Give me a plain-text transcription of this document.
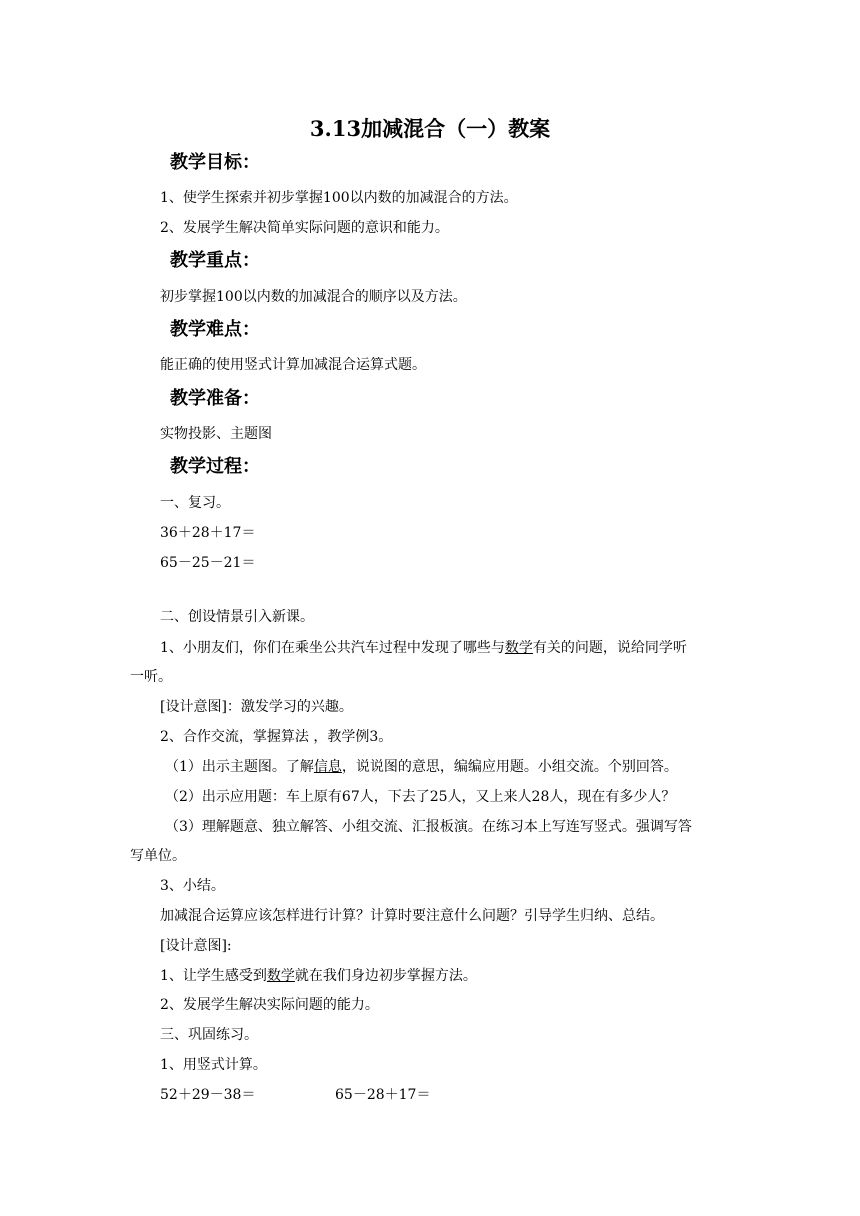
3.13加减混合（一）教案
教学目标：
1、使学生探索并初步掌握100以内数的加减混合的方法。
2、发展学生解决简单实际问题的意识和能力。
教学重点：
初步掌握100以内数的加减混合的顺序以及方法。
教学难点：
能正确的使用竖式计算加减混合运算式题。
教学准备：
实物投影、主题图
教学过程：
一、复习。
36＋28＋17＝
65－25－21＝
二、创设情景引入新课。
1、小朋友们，你们在乘坐公共汽车过程中发现了哪些与数学有关的问题，说给同学听
一听。
[设计意图]：激发学习的兴趣。
2、合作交流，掌握算法 ，教学例3。
（1）出示主题图。了解信息，说说图的意思，编编应用题。小组交流。个别回答。
（2）出示应用题：车上原有67人，下去了25人，又上来人28人，现在有多少人？
（3）理解题意、独立解答、小组交流、汇报板演。在练习本上写连写竖式。强调写答
写单位。
3、小结。
加减混合运算应该怎样进行计算？计算时要注意什么问题？引导学生归纳、总结。
[设计意图]:
1、让学生感受到数学就在我们身边初步掌握方法。
2、发展学生解决实际问题的能力。
三、巩固练习。
1、用竖式计算。
52＋29－38＝	65－28＋17＝
